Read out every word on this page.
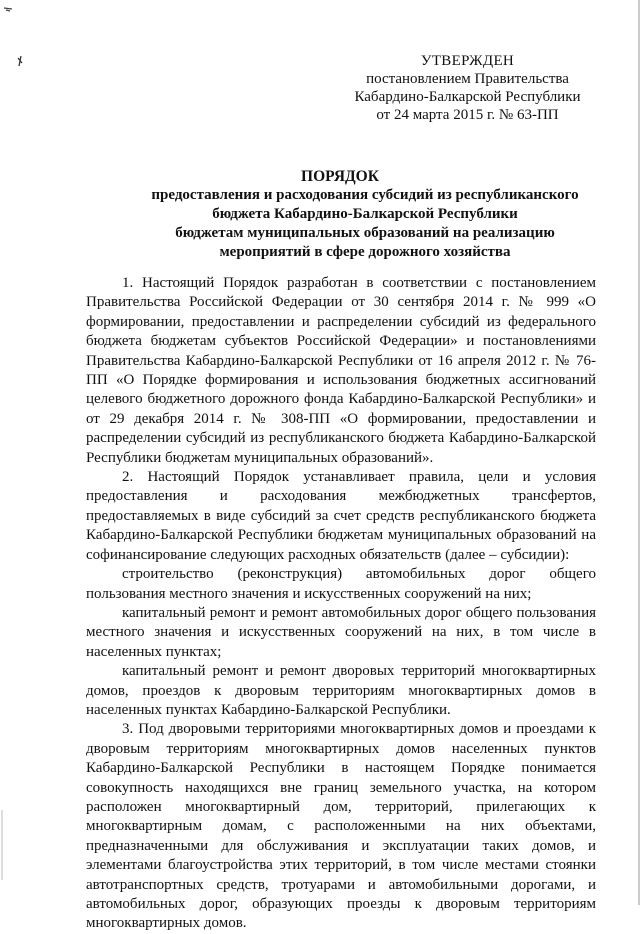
УТВЕРЖДЕН
постановлением Правительства
Кабардино-Балкарской Республики
от 24 марта 2015 г. № 63-ПП
ПОРЯДОК
предоставления и расходования субсидий из республиканского
бюджета Кабардино-Балкарской Республики
бюджетам муниципальных образований на реализацию
мероприятий в сфере дорожного хозяйства

1. Настоящий Порядок разработан в соответствии с постановлением Правительства Российской Федерации от 30 сентября 2014 г. № 999 «О формировании, предоставлении и распределении субсидий из федерального бюджета бюджетам субъектов Российской Федерации» и постановлениями Правительства Кабардино-Балкарской Республики от 16 апреля 2012 г. № 76-ПП «О Порядке формирования и использования бюджетных ассигнований целевого бюджетного дорожного фонда Кабардино-Балкарской Республики» и от 29 декабря 2014 г. № 308-ПП «О формировании, предоставлении и распределении субсидий из республиканского бюджета Кабардино-Балкарской Республики бюджетам муниципальных образований».

2. Настоящий Порядок устанавливает правила, цели и условия предоставления и расходования межбюджетных трансфертов, предоставляемых в виде субсидий за счет средств республиканского бюджета Кабардино-Балкарской Республики бюджетам муниципальных образований на софинансирование следующих расходных обязательств (далее – субсидии):

строительство (реконструкция) автомобильных дорог общего пользования местного значения и искусственных сооружений на них;

капитальный ремонт и ремонт автомобильных дорог общего пользования местного значения и искусственных сооружений на них, в том числе в населенных пунктах;

капитальный ремонт и ремонт дворовых территорий многоквартирных домов, проездов к дворовым территориям многоквартирных домов в населенных пунктах Кабардино-Балкарской Республики.

3. Под дворовыми территориями многоквартирных домов и проездами к дворовым территориям многоквартирных домов населенных пунктов Кабардино-Балкарской Республики в настоящем Порядке понимается совокупность находящихся вне границ земельного участка, на котором расположен многоквартирный дом, территорий, прилегающих к многоквартирным домам, с расположенными на них объектами, предназначенными для обслуживания и эксплуатации таких домов, и элементами благоустройства этих территорий, в том числе местами стоянки автотранспортных средств, тротуарами и автомобильными дорогами, и автомобильных дорог, образующих проезды к дворовым территориям многоквартирных домов.
